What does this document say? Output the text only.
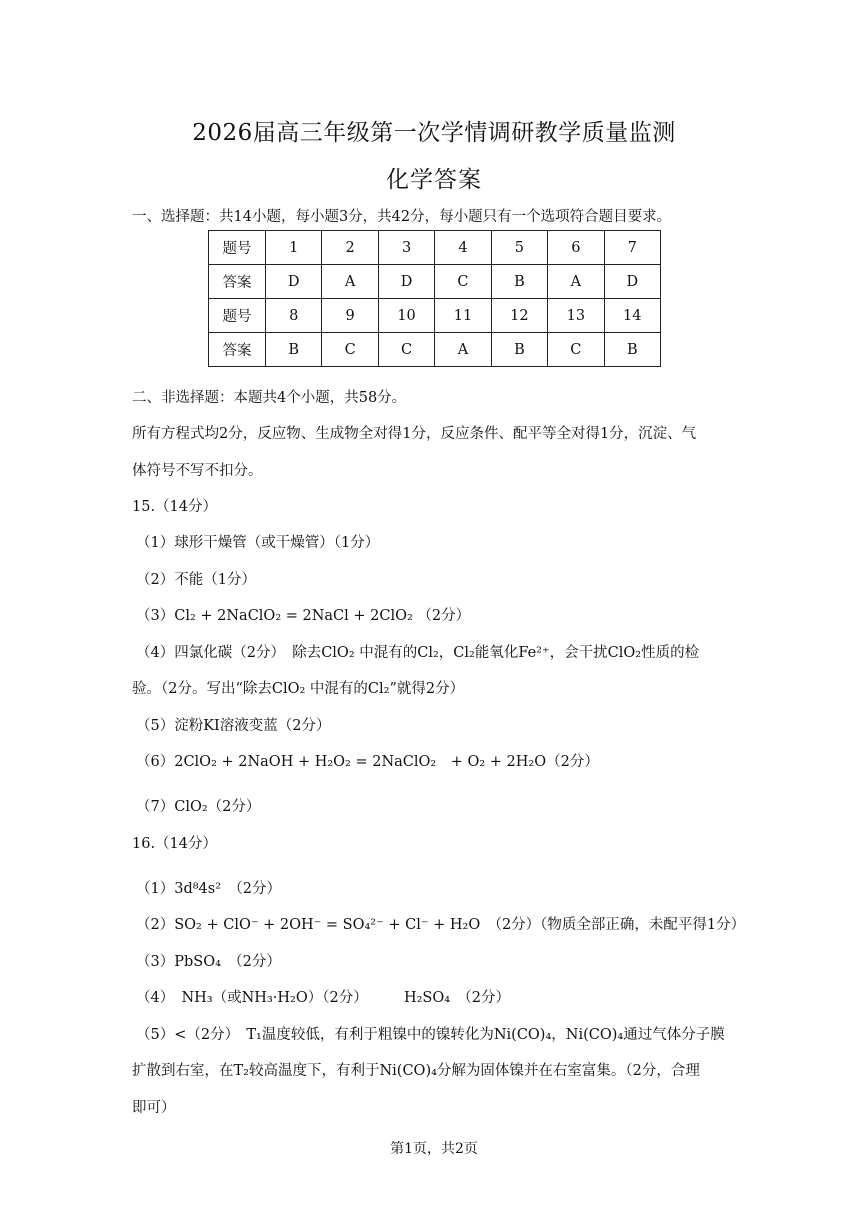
2026届高三年级第一次学情调研教学质量监测
化学答案
一、选择题：共14小题，每小题3分，共42分，每小题只有一个选项符合题目要求。
题号	1	2	3	4	5	6	7
答案	D	A	D	C	B	A	D
题号	8	9	10	11	12	13	14
答案	B	C	C	A	B	C	B
二、非选择题：本题共4个小题，共58分。
所有方程式均2分，反应物、生成物全对得1分，反应条件、配平等全对得1分，沉淀、气
体符号不写不扣分。
15.（14分）
（1）球形干燥管（或干燥管）（1分）
（2）不能（1分）
（3）Cl₂ + 2NaClO₂ = 2NaCl + 2ClO₂ （2分）
（4）四氯化碳（2分）　除去ClO₂ 中混有的Cl₂，Cl₂能氧化Fe²⁺，会干扰ClO₂性质的检
验。（2分。写出“除去ClO₂ 中混有的Cl₂”就得2分）
（5）淀粉KI溶液变蓝（2分）
（6）2ClO₂ + 2NaOH + H₂O₂ = 2NaClO₂　+ O₂ + 2H₂O（2分）
（7）ClO₂（2分）
16.（14分）
（1）3d⁸4s²　（2分）
（2）SO₂ + ClO⁻ + 2OH⁻ = SO₄²⁻ + Cl⁻ + H₂O　（2分）（物质全部正确，未配平得1分）
（3）PbSO₄　（2分）
（4）　NH₃（或NH₃·H₂O）（2分）　　　H₂SO₄　（2分）
（5）<（2分）　T₁温度较低，有利于粗镍中的镍转化为Ni(CO)₄，Ni(CO)₄通过气体分子膜
扩散到右室，在T₂较高温度下，有利于Ni(CO)₄分解为固体镍并在右室富集。（2分，合理
即可）
第1页，共2页
